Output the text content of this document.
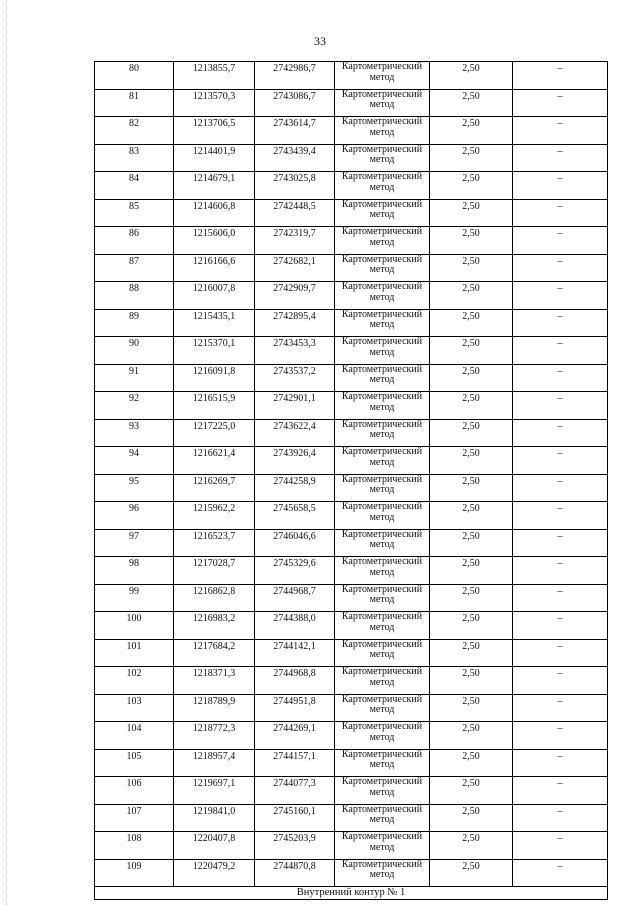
33
80	1213855,7	2742986,7	Картометрический
метод	2,50	–
81	1213570,3	2743086,7	Картометрический
метод	2,50	–
82	1213706,5	2743614,7	Картометрический
метод	2,50	–
83	1214401,9	2743439,4	Картометрический
метод	2,50	–
84	1214679,1	2743025,8	Картометрический
метод	2,50	–
85	1214606,8	2742448,5	Картометрический
метод	2,50	–
86	1215606,0	2742319,7	Картометрический
метод	2,50	–
87	1216166,6	2742682,1	Картометрический
метод	2,50	–
88	1216007,8	2742909,7	Картометрический
метод	2,50	–
89	1215435,1	2742895,4	Картометрический
метод	2,50	–
90	1215370,1	2743453,3	Картометрический
метод	2,50	–
91	1216091,8	2743537,2	Картометрический
метод	2,50	–
92	1216515,9	2742901,1	Картометрический
метод	2,50	–
93	1217225,0	2743622,4	Картометрический
метод	2,50	–
94	1216621,4	2743926,4	Картометрический
метод	2,50	–
95	1216269,7	2744258,9	Картометрический
метод	2,50	–
96	1215962,2	2745658,5	Картометрический
метод	2,50	–
97	1216523,7	2746046,6	Картометрический
метод	2,50	–
98	1217028,7	2745329,6	Картометрический
метод	2,50	–
99	1216862,8	2744968,7	Картометрический
метод	2,50	–
100	1216983,2	2744388,0	Картометрический
метод	2,50	–
101	1217684,2	2744142,1	Картометрический
метод	2,50	–
102	1218371,3	2744968,8	Картометрический
метод	2,50	–
103	1218789,9	2744951,8	Картометрический
метод	2,50	–
104	1218772,3	2744269,1	Картометрический
метод	2,50	–
105	1218957,4	2744157,1	Картометрический
метод	2,50	–
106	1219697,1	2744077,3	Картометрический
метод	2,50	–
107	1219841,0	2745160,1	Картометрический
метод	2,50	–
108	1220407,8	2745203,9	Картометрический
метод	2,50	–
109	1220479,2	2744870,8	Картометрический
метод	2,50	–
Внутренний контур № 1					
